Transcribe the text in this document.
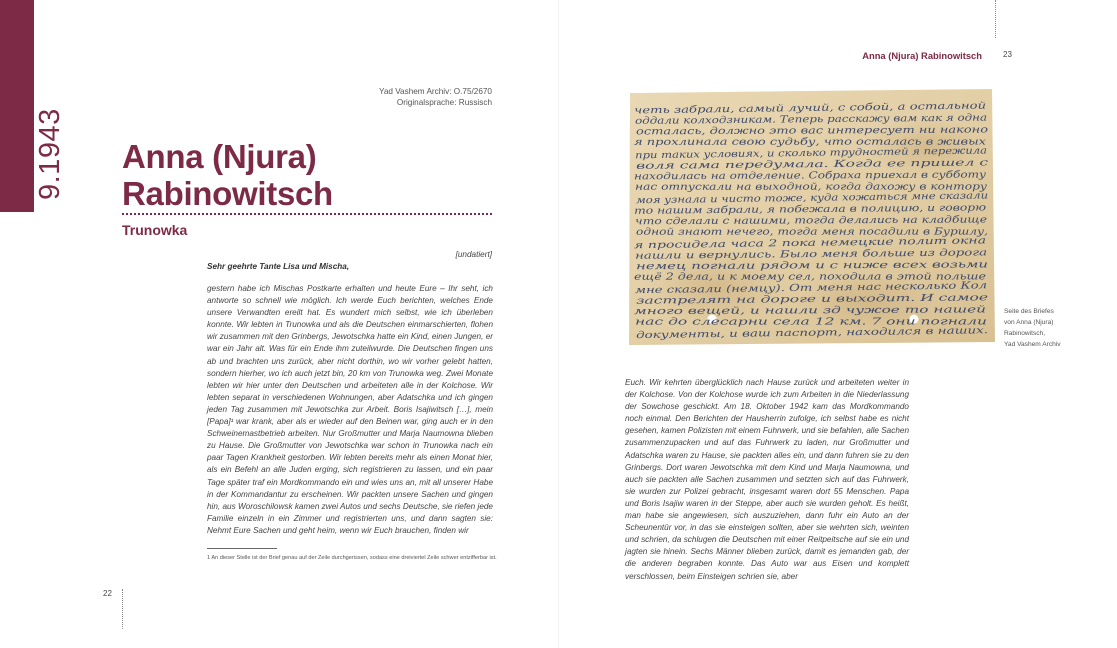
9.1943
Yad Vashem Archiv: O.75/2670
Originalsprache: Russisch
Anna (Njura)
Rabinowitsch
Trunowka
[undatiert]
Sehr geehrte Tante Lisa und Mischa,

gestern habe ich Mischas Postkarte erhalten und heute Eure – Ihr seht, ich antworte so schnell wie möglich. Ich werde Euch berichten, welches Ende unsere Verwandten ereilt hat. Es wundert mich selbst, wie ich überleben konnte. Wir lebten in Trunowka und als die Deutschen einmarschierten, flohen wir zusammen mit den Grinbergs, Jewotschka hatte ein Kind, einen Jungen, er war ein Jahr alt. Was für ein Ende ihm zuteilwurde. Die Deutschen fingen uns ab und brachten uns zurück, aber nicht dorthin, wo wir vorher gelebt hatten, sondern hierher, wo ich auch jetzt bin, 20 km von Trunowka weg. Zwei Monate lebten wir hier unter den Deutschen und arbeiteten alle in der Kolchose. Wir lebten separat in verschiedenen Wohnungen, aber Adatschka und ich gingen jeden Tag zusammen mit Jewotschka zur Arbeit. Boris Isajiwitsch […], mein [Papa]¹ war krank, aber als er wieder auf den Beinen war, ging auch er in den Schweinemastbetrieb arbeiten. Nur Großmutter und Marja Naumowna blieben zu Hause. Die Großmutter von Jewotschka war schon in Trunowka nach ein paar Tagen Krankheit gestorben. Wir lebten bereits mehr als einen Monat hier, als ein Befehl an alle Juden erging, sich registrieren zu lassen, und ein paar Tage später traf ein Mordkommando ein und wies uns an, mit all unserer Habe in der Kommandantur zu erscheinen. Wir packten unsere Sachen und gingen hin, aus Woroschilowsk kamen zwei Autos und sechs Deutsche, sie riefen jede Familie einzeln in ein Zimmer und registrierten uns, und dann sagten sie: Nehmt Eure Sachen und geht heim, wenn wir Euch brauchen, finden wir

1 An dieser Stelle ist der Brief genau auf der Zeile durchgerissen, sodass eine dreiviertel Zeile schwer entzifferbar ist.
22
Anna (Njura) Rabinowitsch	23
четь забрали, самый лучий, с собой, а остальной
оддали колходзникам. Теперь расскажу вам как я одна
осталась, должно это вас интересует ни наконо
я прохлинала свою судьбу, что осталась в живых
при таких условиях, и сколько трудностей я пережила
воля сама передумала. Когда ее пришел с
находилась на отделение. Собраха приехал в субботу
нас отпускали на выходной, когда дахожу в контору
моя узнала и чисто тоже, куда хожаться мне сказали
то нашим забрали, я побежала в полицию, и говорю
что сделали с нашими, тогда делались на кладбище
одной знают нечего, тогда меня посадили в Буршлу,
я просидела часа 2 пока немецкие полит окна
нашли и вернулись. Было меня больше из дорога
немец погнали рядом и с ниже всех возьми
ещё 2 дела, и к моему сел, походила в этой польше
мне сказали (немцу). От меня нас несколько Кол
застрелят на дороге и выходит. И самое
много вещей, и нашли зд чужое то нашей
нас до слесарни села 12 км. 7 они погнали
документы, и ваш паспорт, находился в наших.
Seite des Briefes
von Anna (Njura)
Rabinowitsch,
Yad Vashem Archiv
Euch. Wir kehrten überglücklich nach Hause zurück und arbeiteten weiter in der Kolchose. Von der Kolchose wurde ich zum Arbeiten in die Niederlassung der Sowchose geschickt. Am 18. Oktober 1942 kam das Mordkommando noch einmal. Den Berichten der Hausherrin zufolge, ich selbst habe es nicht gesehen, kamen Polizisten mit einem Fuhrwerk, und sie befahlen, alle Sachen zusammenzupacken und auf das Fuhrwerk zu laden, nur Großmutter und Adatschka waren zu Hause, sie packten alles ein, und dann fuhren sie zu den Grinbergs. Dort waren Jewotschka mit dem Kind und Marja Naumowna, und auch sie packten alle Sachen zusammen und setzten sich auf das Fuhrwerk, sie wurden zur Polizei gebracht, insgesamt waren dort 55 Menschen. Papa und Boris Isajiw waren in der Steppe, aber auch sie wurden geholt. Es heißt, man habe sie angewiesen, sich auszuziehen, dann fuhr ein Auto an der Scheunentür vor, in das sie einsteigen sollten, aber sie wehrten sich, weinten und schrien, da schlugen die Deutschen mit einer Reitpeitsche auf sie ein und jagten sie hinein. Sechs Männer blieben zurück, damit es jemanden gab, der die anderen begraben konnte. Das Auto war aus Eisen und komplett verschlossen, beim Einsteigen schrien sie, aber
